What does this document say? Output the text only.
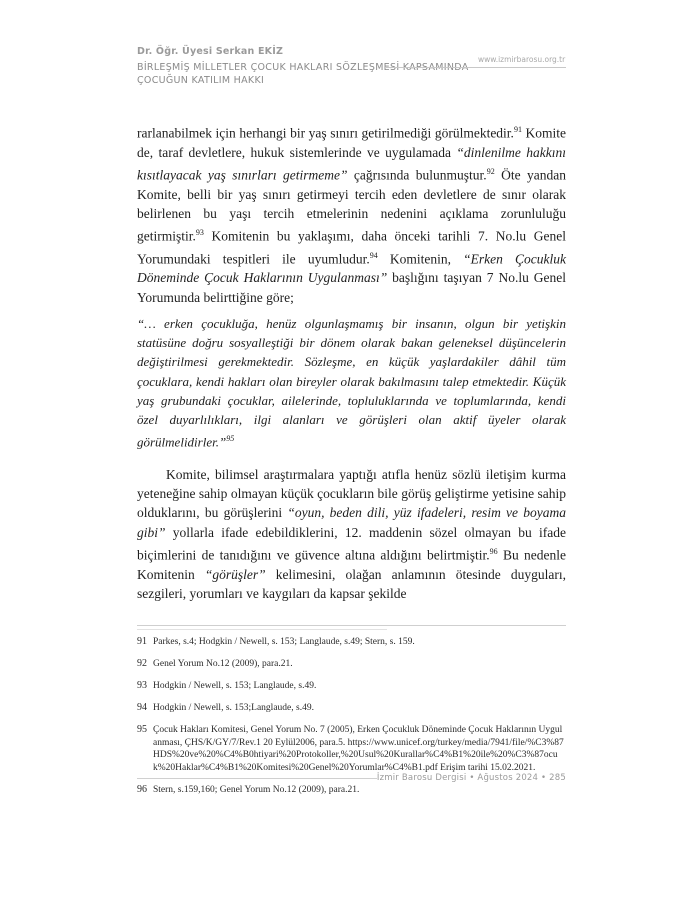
Dr. Öğr. Üyesi Serkan EKİZ
BİRLEŞMİŞ MİLLETLER ÇOCUK HAKLARI SÖZLEŞMESİ KAPSAMINDA
ÇOCUĞUN KATILIM HAKKI
www.izmirbarosu.org.tr

rarlanabilmek için herhangi bir yaş sınırı getirilmediği görülmektedir.$^{91}$ Komite de, taraf devletlere, hukuk sistemlerinde ve uygulamada “dinlenilme hakkını kısıtlayacak yaş sınırları getirmeme” çağrısında bulunmuştur.$^{92}$ Öte yandan Komite, belli bir yaş sınırı getirmeyi tercih eden devletlere de sınır olarak belirlenen bu yaşı tercih etmelerinin nedenini açıklama zorunluluğu getirmiştir.$^{93}$ Komitenin bu yaklaşımı, daha önceki tarihli 7. No.lu Genel Yorumundaki tespitleri ile uyumludur.$^{94}$ Komitenin, “Erken Çocukluk Döneminde Çocuk Haklarının Uygulanması” başlığını taşıyan 7 No.lu Genel Yorumunda belirttiğine göre;

“… erken çocukluğa, henüz olgunlaşmamış bir insanın, olgun bir yetişkin statüsüne doğru sosyalleştiği bir dönem olarak bakan geleneksel düşüncelerin değiştirilmesi gerekmektedir. Sözleşme, en küçük yaşlardakiler dâhil tüm çocuklara, kendi hakları olan bireyler olarak bakılmasını talep etmektedir. Küçük yaş grubundaki çocuklar, ailelerinde, topluluklarında ve toplumlarında, kendi özel duyarlılıkları, ilgi alanları ve görüşleri olan aktif üyeler olarak görülmelidirler.”$^{95}$

Komite, bilimsel araştırmalara yaptığı atıfla henüz sözlü iletişim kurma yeteneğine sahip olmayan küçük çocukların bile görüş geliştirme yetisine sahip olduklarını, bu görüşlerini “oyun, beden dili, yüz ifadeleri, resim ve boyama gibi” yollarla ifade edebildiklerini, 12. maddenin sözel olmayan bu ifade biçimlerini de tanıdığını ve güvence altına aldığını belirtmiştir.$^{96}$ Bu nedenle Komitenin “görüşler” kelimesini, olağan anlamının ötesinde duyguları, sezgileri, yorumları ve kaygıları da kapsar şekilde

91 Parkes, s.4; Hodgkin / Newell, s. 153; Langlaude, s.49; Stern, s. 159.
92 Genel Yorum No.12 (2009), para.21.
93 Hodgkin / Newell, s. 153; Langlaude, s.49.
94 Hodgkin / Newell, s. 153;Langlaude, s.49.
95 Çocuk Hakları Komitesi, Genel Yorum No. 7 (2005), Erken Çocukluk Döneminde Çocuk Haklarının Uygulanması, ÇHS/K/GY/7/Rev.1 20 Eylül2006, para.5. https://www.unicef.org/turkey/media/7941/file/%C3%87HDS%20ve%20%C4%B0htiyari%20Protokoller,%20Usul%20Kurallar%C4%B1%20ile%20%C3%87ocuk%20Haklar%C4%B1%20Komitesi%20Genel%20Yorumlar%C4%B1.pdf Erişim tarihi 15.02.2021.
96 Stern, s.159,160; Genel Yorum No.12 (2009), para.21.
İzmir Barosu Dergisi • Ağustos 2024 • 285
